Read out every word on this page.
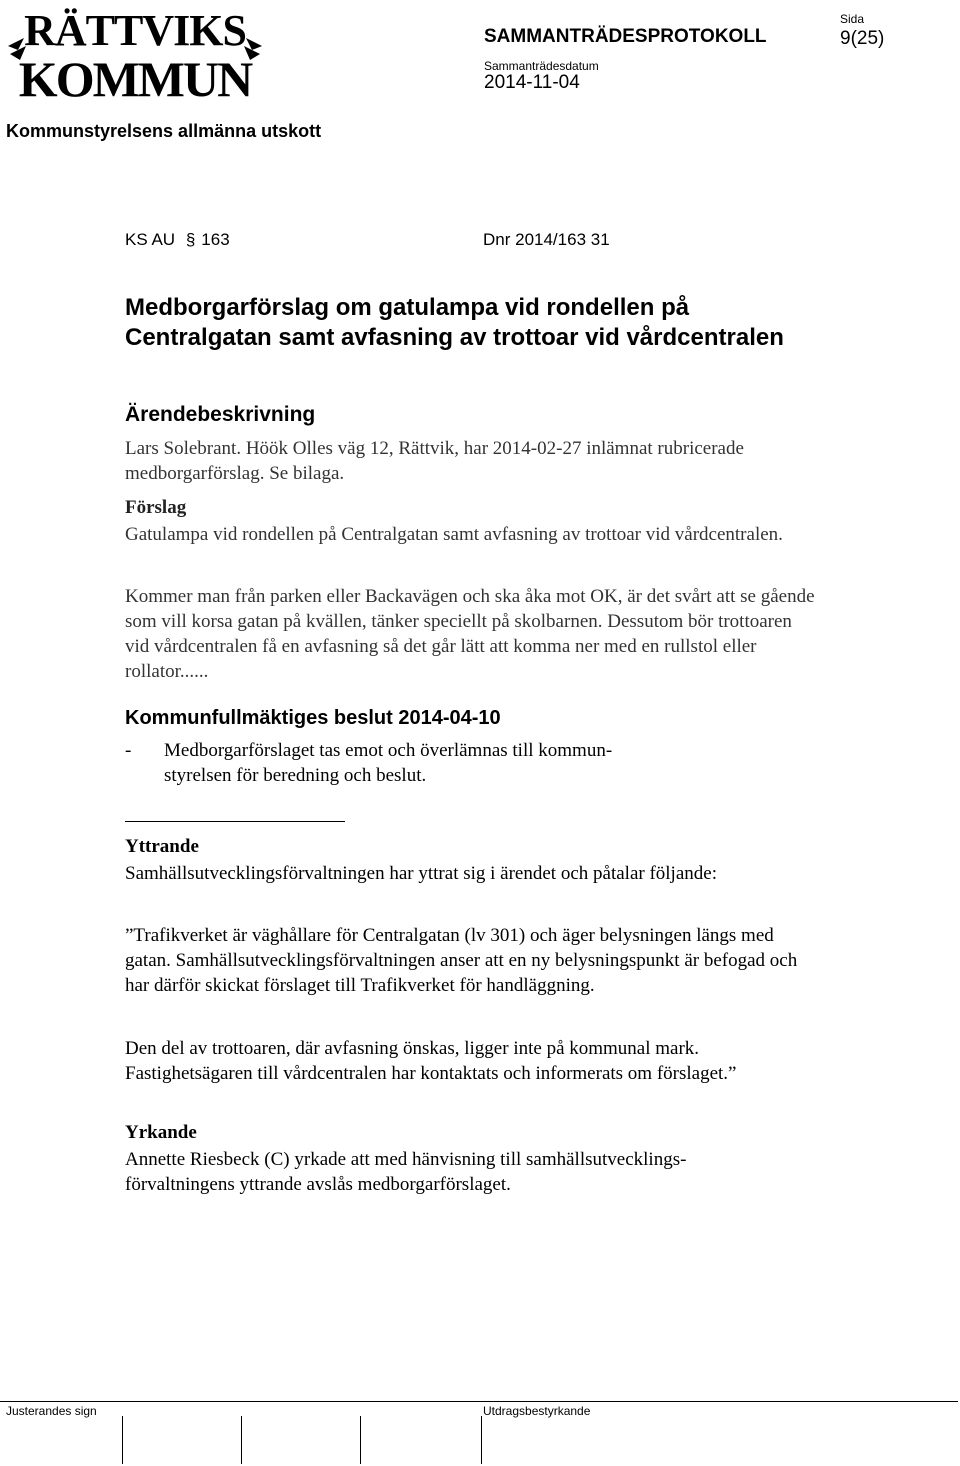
RÄTTVIKS
KOMMUN
SAMMANTRÄDESPROTOKOLL
Sida
9(25)
Sammanträdesdatum
2014-11-04
Kommunstyrelsens allmänna utskott
KS AU § 163	Dnr 2014/163 31
Medborgarförslag om gatulampa vid rondellen på Centralgatan samt avfasning av trottoar vid vårdcentralen
Ärendebeskrivning
Lars Solebrant. Höök Olles väg 12, Rättvik, har 2014-02-27 inlämnat rubricerade medborgarförslag. Se bilaga.
Förslag
Gatulampa vid rondellen på Centralgatan samt avfasning av trottoar vid vårdcentralen.
Kommer man från parken eller Backavägen och ska åka mot OK, är det svårt att se gående som vill korsa gatan på kvällen, tänker speciellt på skolbarnen. Dessutom bör trottoaren vid vårdcentralen få en avfasning så det går lätt att komma ner med en rullstol eller rollator......
Kommunfullmäktiges beslut 2014-04-10
-	Medborgarförslaget tas emot och överlämnas till kommun-
styrelsen för beredning och beslut.
Yttrande
Samhällsutvecklingsförvaltningen har yttrat sig i ärendet och påtalar följande:
”Trafikverket är väghållare för Centralgatan (lv 301) och äger belysningen längs med gatan. Samhällsutvecklingsförvaltningen anser att en ny belysningspunkt är befogad och har därför skickat förslaget till Trafikverket för handläggning.
Den del av trottoaren, där avfasning önskas, ligger inte på kommunal mark. Fastighetsägaren till vårdcentralen har kontaktats och informerats om förslaget.”
Yrkande
Annette Riesbeck (C) yrkade att med hänvisning till samhällsutvecklings-förvaltningens yttrande avslås medborgarförslaget.
Justerandes sign	Utdragsbestyrkande
